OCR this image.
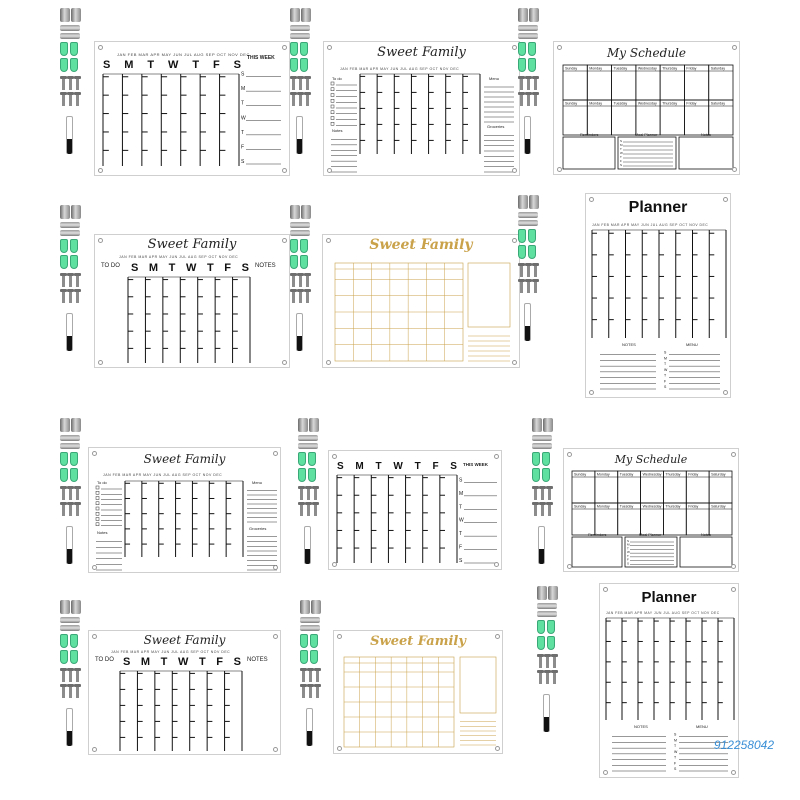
JAN FEB MAR APR MAY JUN JUL AUG SEP OCT NOV DEC
S M T W T F S
THIS WEEK
S
M
T
W
T
F
S
Sweet Family
JAN FEB MAR APR MAY JUN JUL AUG SEP OCT NOV DEC
To do
Notes
Menu
Groceries
My Schedule
Sunday	Monday	Tuesday	Wednesday Thursday	Friday	Saturday
Sunday	Monday	Tuesday	Wednesday Thursday	Friday	Saturday
Reminders	Meal Planner
S
M
T
W
T
F
S
Notes
Sweet Family
JAN FEB MAR APR MAY JUN JUL AUG SEP OCT NOV DEC
TO DO	NOTES
S M T W T F S
Sweet Family
Planner
JAN FEB MAR APR MAY JUN JUL AUG SEP OCT NOV DEC
NOTES	MENU
S
M
T
W
T
F
S
Sweet Family
JAN FEB MAR APR MAY JUN JUL AUG SEP OCT NOV DEC
To do
Notes
Menu
Groceries
S M T W T F S THIS WEEK
S
M
T
W
T
F
S
My Schedule
Sunday	Monday	Tuesday	Wednesday Thursday Friday	Saturday
Sunday	Monday	Tuesday	Wednesday Thursday Friday	Saturday
Reminders	Meal Planner
S
M
T
W
T
F
S
Notes
Sweet Family
JAN FEB MAR APR MAY JUN JUL AUG SEP OCT NOV DEC
TO DO	NOTES
S M T W T F S
Sweet Family
Planner
JAN FEB MAR APR MAY JUN JUL AUG SEP OCT NOV DEC
NOTES	MENU
S
M
T
W
T
F
S
912258042
